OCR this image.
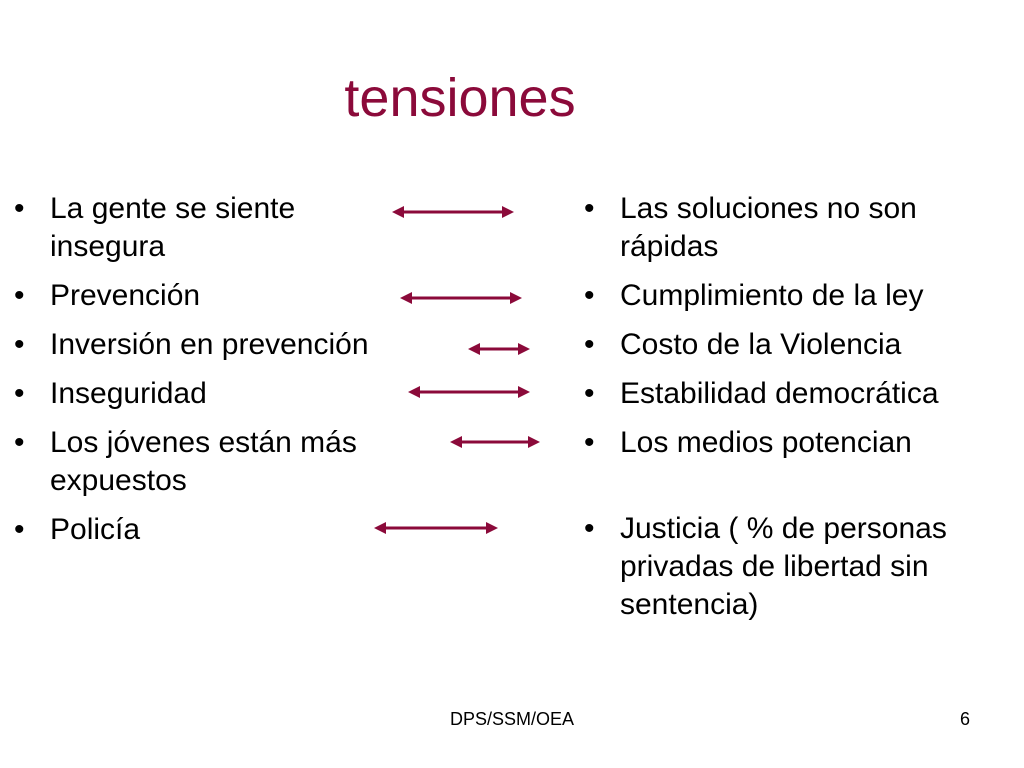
tensiones
• La gente se siente insegura
• Prevención
• Inversión en prevención
• Inseguridad
• Los jóvenes están más expuestos
• Policía
• Las soluciones no son rápidas
• Cumplimiento de la ley
• Costo de la Violencia
• Estabilidad democrática
• Los medios potencian
• Justicia ( % de personas privadas de libertad sin sentencia)
DPS/SSM/OEA	6
